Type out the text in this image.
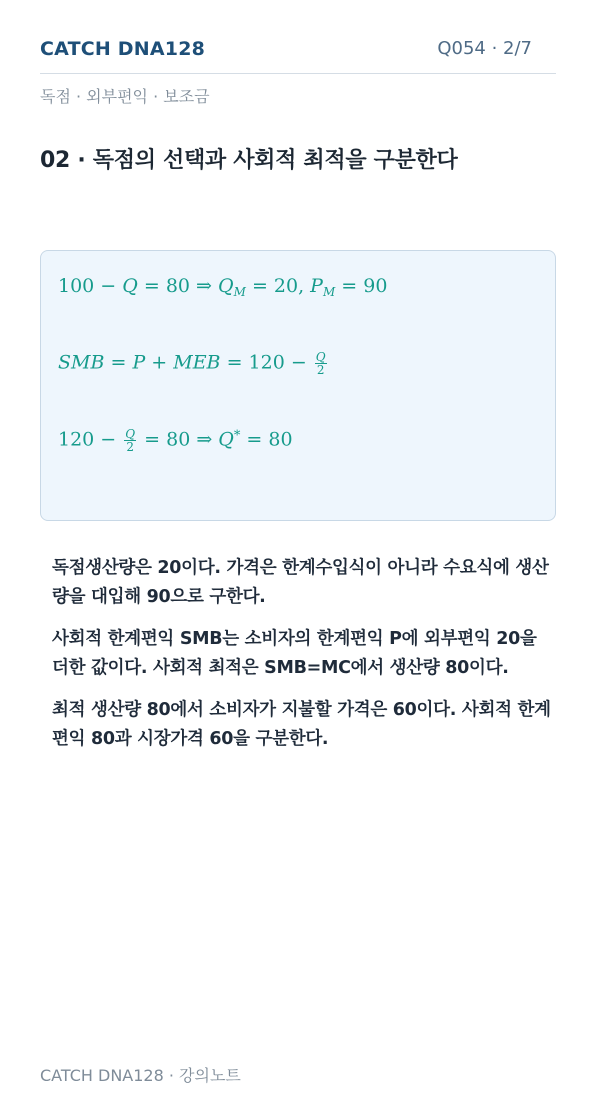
CATCH DNA128	Q054 · 2/7
독점 · 외부편익 · 보조금
02 · 독점의 선택과 사회적 최적을 구분한다
100 − Q = 80 ⇒ $Q_M = 20$, $P_M = 90$
SMB = P + MEB = $120 - \frac{Q}{2}$
$120 - \frac{Q}{2} = 80$ ⇒ Q* = 80

독점생산량은 20이다. 가격은 한계수입식이 아니라 수요식에 생산량을 대입해 90으로 구한다.

사회적 한계편익 SMB는 소비자의 한계편익 P에 외부편익 20을 더한 값이다. 사회적 최적은 SMB=MC에서 생산량 80이다.

최적 생산량 80에서 소비자가 지불할 가격은 60이다. 사회적 한계편익 80과 시장가격 60을 구분한다.

CATCH DNA128 · 강의노트
